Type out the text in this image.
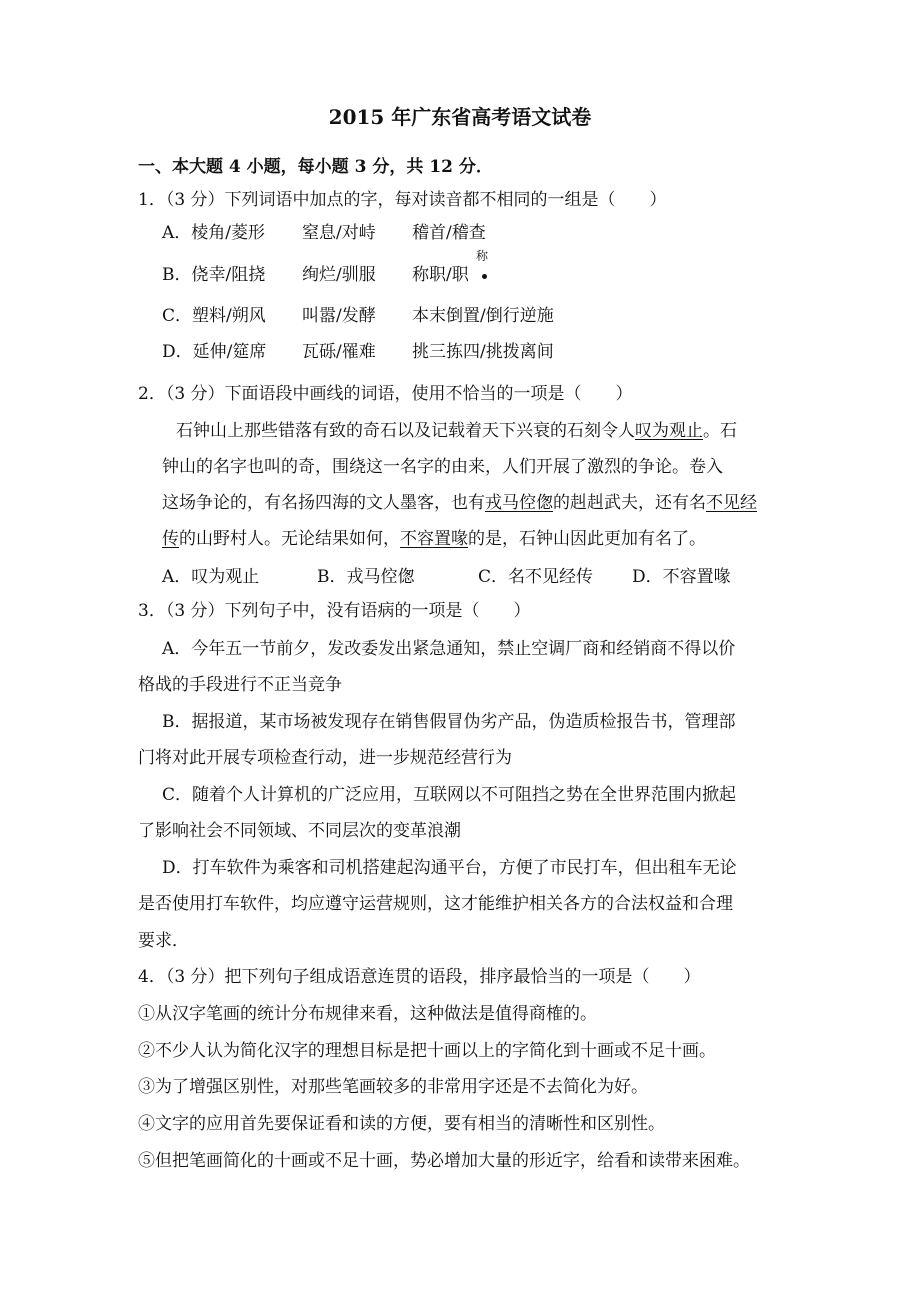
2015 年广东省高考语文试卷
一、本大题 4 小题，每小题 3 分，共 12 分．
1．（3 分）下列词语中加点的字，每对读音都不相同的一组是（　　）
A．棱角/菱形 窒息/对峙 稽首/稽查
B．侥幸/阻挠 绚烂/驯服 称职/职
称
C．塑料/朔风 叫嚣/发酵 本末倒置/倒行逆施
D．延伸/筵席 瓦砾/罹难 挑三拣四/挑拨离间
2．（3 分）下面语段中画线的词语，使用不恰当的一项是（　　）
石钟山上那些错落有致的奇石以及记载着天下兴衰的石刻令人叹为观止。石
钟山的名字也叫的奇，围绕这一名字的由来，人们开展了激烈的争论。卷入
这场争论的，有名扬四海的文人墨客，也有戎马倥偬的赳赳武夫，还有名不见经
传的山野村人。无论结果如何，不容置喙的是，石钟山因此更加有名了。
A．叹为观止	B．戎马倥偬	C．名不见经传 D．不容置喙
3．（3 分）下列句子中，没有语病的一项是（　　）
A．今年五一节前夕，发改委发出紧急通知，禁止空调厂商和经销商不得以价
格战的手段进行不正当竞争
B．据报道，某市场被发现存在销售假冒伪劣产品，伪造质检报告书，管理部
门将对此开展专项检查行动，进一步规范经营行为
C．随着个人计算机的广泛应用，互联网以不可阻挡之势在全世界范围内掀起
了影响社会不同领域、不同层次的变革浪潮
D．打车软件为乘客和司机搭建起沟通平台，方便了市民打车，但出租车无论
是否使用打车软件，均应遵守运营规则，这才能维护相关各方的合法权益和合理
要求．
4．（3 分）把下列句子组成语意连贯的语段，排序最恰当的一项是（　　）
①从汉字笔画的统计分布规律来看，这种做法是值得商榷的。
②不少人认为简化汉字的理想目标是把十画以上的字简化到十画或不足十画。
③为了增强区别性，对那些笔画较多的非常用字还是不去简化为好。
④文字的应用首先要保证看和读的方便，要有相当的清晰性和区别性。
⑤但把笔画简化的十画或不足十画，势必增加大量的形近字，给看和读带来困难。
